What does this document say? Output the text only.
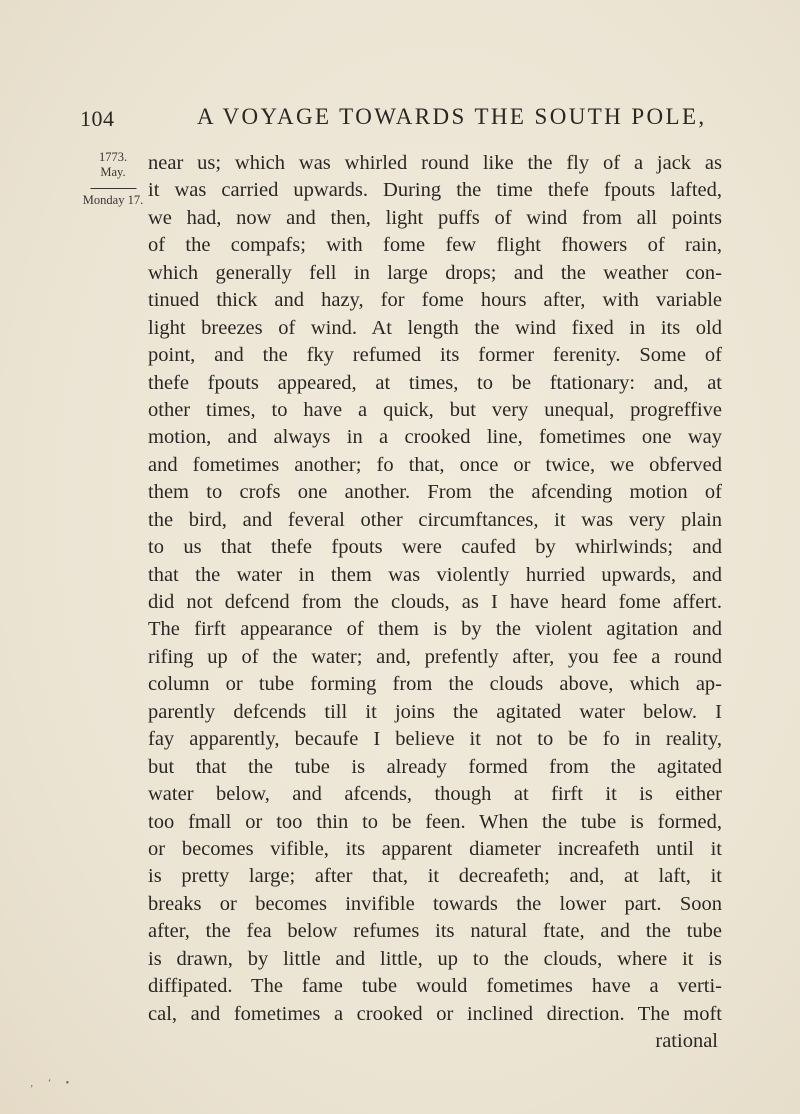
104	A VOYAGE TOWARDS THE SOUTH POLE,
1773.
May.
⎼⎼⎼⎼⎼
Monday 17.
near us; which was whirled round like the fly of a jack as
it was carried upwards. During the time thefe fpouts lafted,
we had, now and then, light puffs of wind from all points
of the compafs; with fome few flight fhowers of rain,
which generally fell in large drops; and the weather con-
tinued thick and hazy, for fome hours after, with variable
light breezes of wind. At length the wind fixed in its old
point, and the fky refumed its former ferenity. Some of
thefe fpouts appeared, at times, to be ftationary: and, at
other times, to have a quick, but very unequal, progreffive
motion, and always in a crooked line, fometimes one way
and fometimes another; fo that, once or twice, we obferved
them to crofs one another. From the afcending motion of
the bird, and feveral other circumftances, it was very plain
to us that thefe fpouts were caufed by whirlwinds; and
that the water in them was violently hurried upwards, and
did not defcend from the clouds, as I have heard fome affert.
The firft appearance of them is by the violent agitation and
rifing up of the water; and, prefently after, you fee a round
column or tube forming from the clouds above, which ap-
parently defcends till it joins the agitated water below. I
fay apparently, becaufe I believe it not to be fo in reality,
but that the tube is already formed from the agitated
water below, and afcends, though at firft it is either
too fmall or too thin to be feen. When the tube is formed,
or becomes vifible, its apparent diameter increafeth until it
is pretty large; after that, it decreafeth; and, at laft, it
breaks or becomes invifible towards the lower part. Soon
after, the fea below refumes its natural ftate, and the tube
is drawn, by little and little, up to the clouds, where it is
diffipated. The fame tube would fometimes have a verti-
cal, and fometimes a crooked or inclined direction. The moft
rational
‚ ‘ •
